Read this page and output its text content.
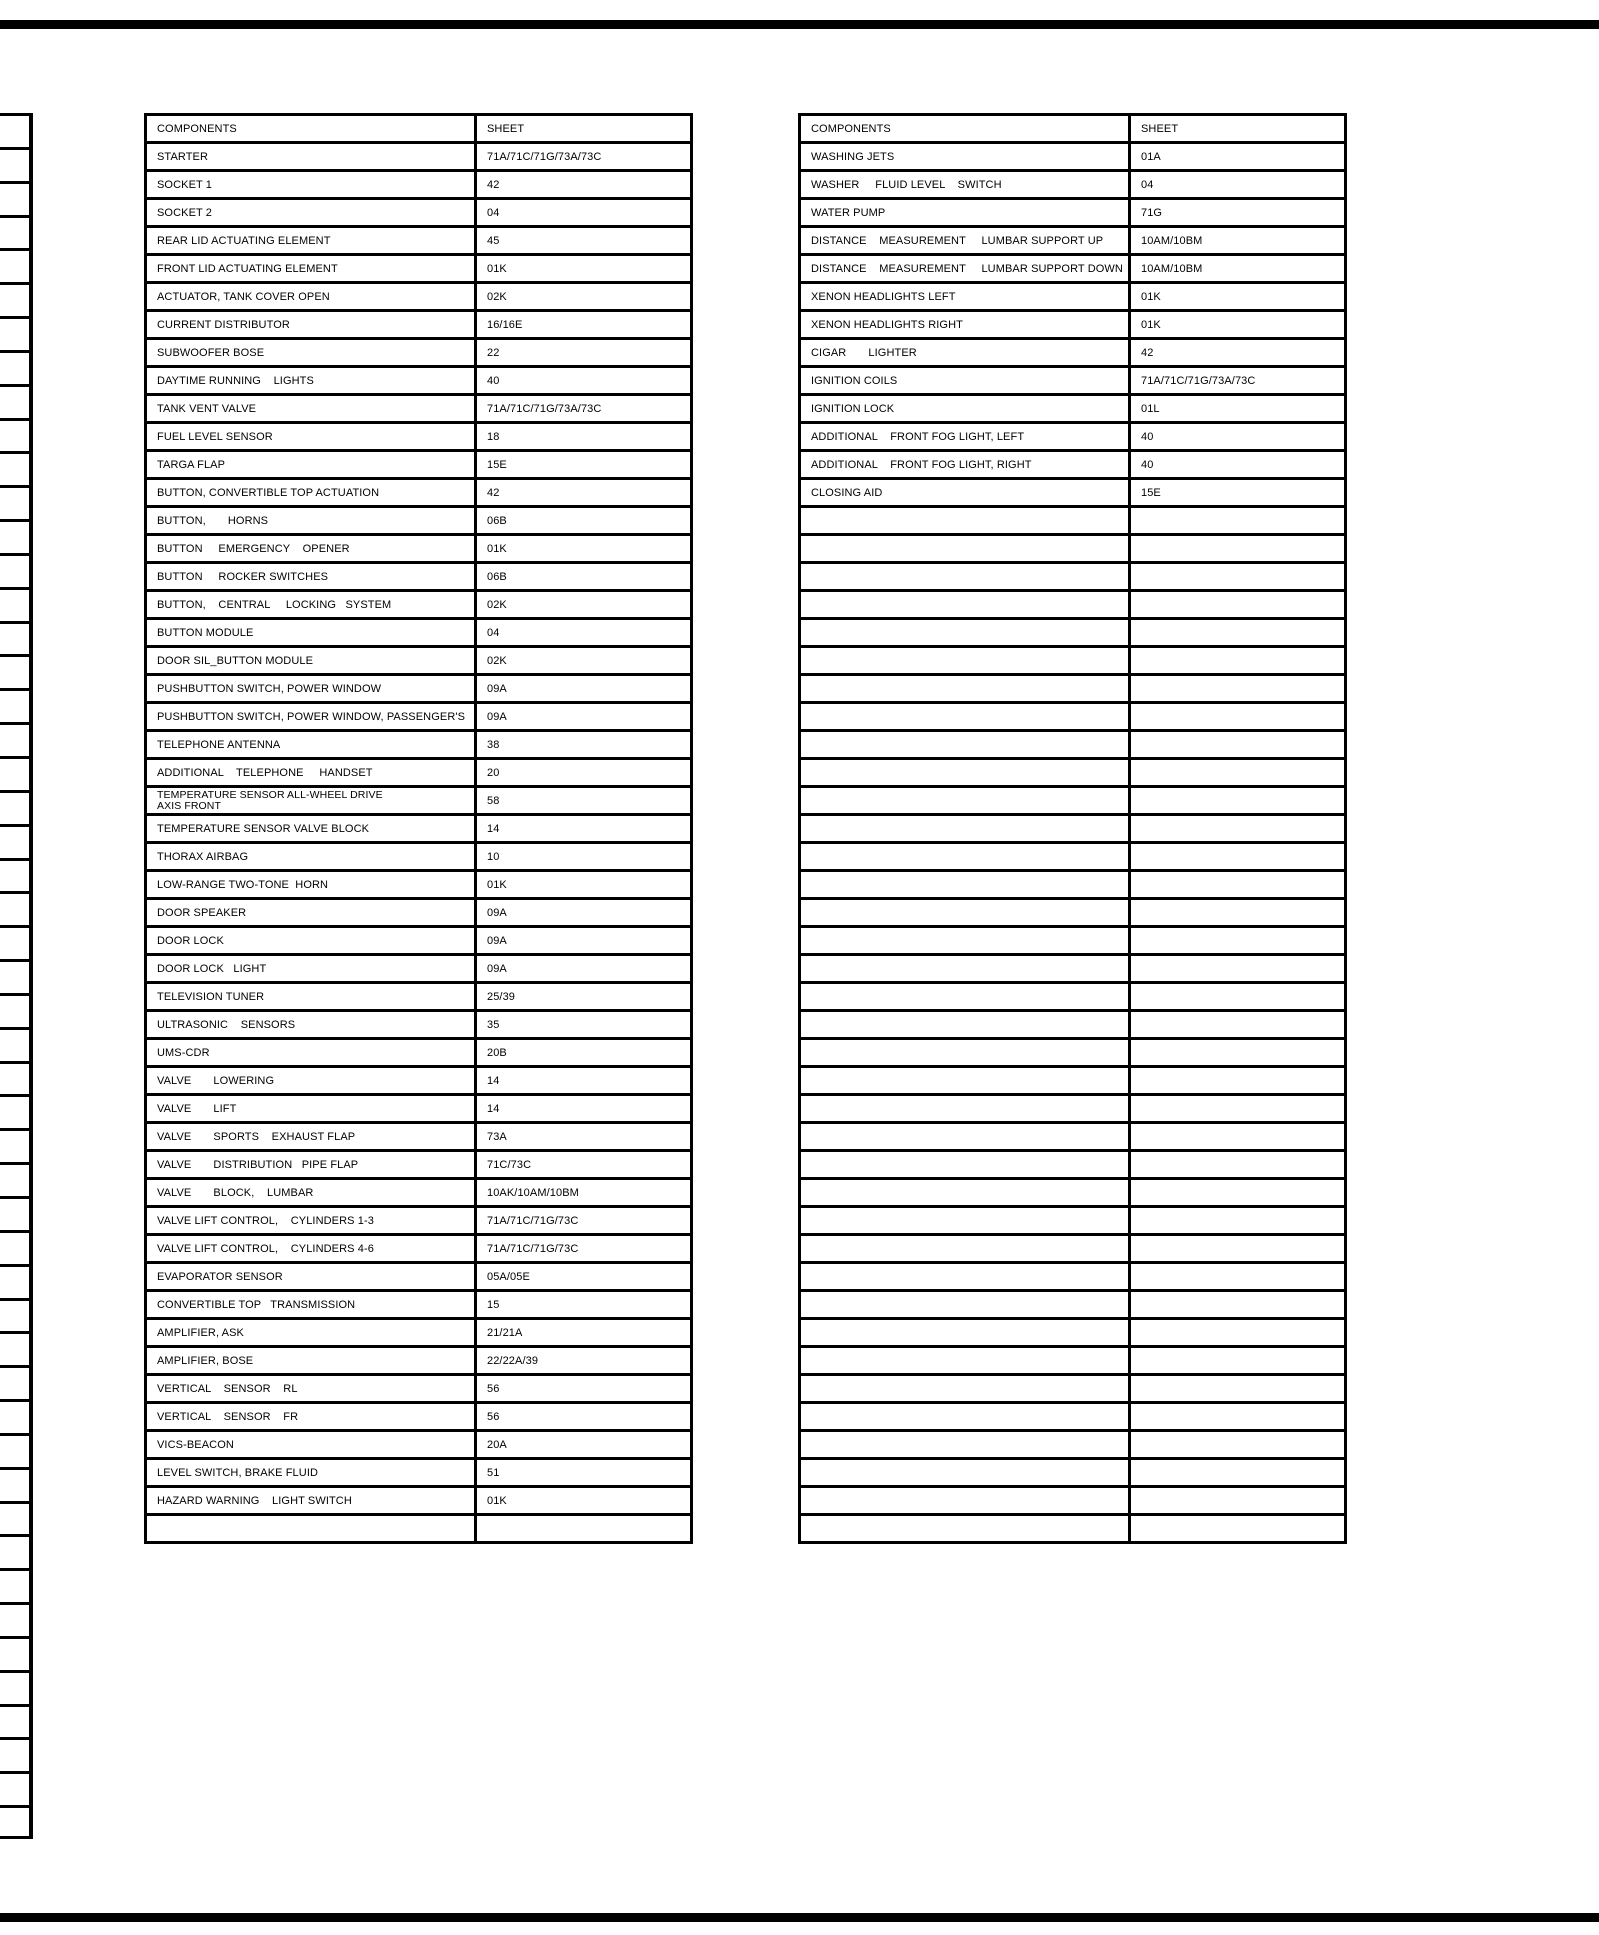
COMPONENTS	SHEET
STARTER	71A/71C/71G/73A/73C
SOCKET 1	42
SOCKET 2	04
REAR LID ACTUATING ELEMENT	45
FRONT LID ACTUATING ELEMENT	01K
ACTUATOR, TANK COVER OPEN	02K
CURRENT DISTRIBUTOR	16/16E
SUBWOOFER BOSE	22
DAYTIME RUNNING    LIGHTS	40
TANK VENT VALVE	71A/71C/71G/73A/73C
FUEL LEVEL SENSOR	18
TARGA FLAP	15E
BUTTON, CONVERTIBLE TOP ACTUATION	42
BUTTON,       HORNS	06B
BUTTON     EMERGENCY    OPENER	01K
BUTTON     ROCKER SWITCHES	06B
BUTTON,    CENTRAL     LOCKING   SYSTEM	02K
BUTTON MODULE	04
DOOR SIL_BUTTON MODULE	02K
PUSHBUTTON SWITCH, POWER WINDOW	09A
PUSHBUTTON SWITCH, POWER WINDOW, PASSENGER'S	09A
TELEPHONE ANTENNA	38
ADDITIONAL    TELEPHONE     HANDSET	20
TEMPERATURE SENSOR ALL-WHEEL DRIVE
AXIS FRONT	58
TEMPERATURE SENSOR VALVE BLOCK	14
THORAX AIRBAG	10
LOW-RANGE TWO-TONE  HORN	01K
DOOR SPEAKER	09A
DOOR LOCK	09A
DOOR LOCK   LIGHT	09A
TELEVISION TUNER	25/39
ULTRASONIC    SENSORS	35
UMS-CDR	20B
VALVE       LOWERING	14
VALVE       LIFT	14
VALVE       SPORTS    EXHAUST FLAP	73A
VALVE       DISTRIBUTION   PIPE FLAP	71C/73C
VALVE       BLOCK,    LUMBAR	10AK/10AM/10BM
VALVE LIFT CONTROL,    CYLINDERS 1-3	71A/71C/71G/73C
VALVE LIFT CONTROL,    CYLINDERS 4-6	71A/71C/71G/73C
EVAPORATOR SENSOR	05A/05E
CONVERTIBLE TOP   TRANSMISSION	15
AMPLIFIER, ASK	21/21A
AMPLIFIER, BOSE	22/22A/39
VERTICAL    SENSOR    RL	56
VERTICAL    SENSOR    FR	56
VICS-BEACON	20A
LEVEL SWITCH, BRAKE FLUID	51
HAZARD WARNING    LIGHT SWITCH	01K

COMPONENTS	SHEET
WASHING JETS	01A
WASHER     FLUID LEVEL    SWITCH	04
WATER PUMP	71G
DISTANCE    MEASUREMENT     LUMBAR SUPPORT UP	10AM/10BM
DISTANCE    MEASUREMENT     LUMBAR SUPPORT DOWN	10AM/10BM
XENON HEADLIGHTS LEFT	01K
XENON HEADLIGHTS RIGHT	01K
CIGAR       LIGHTER	42
IGNITION COILS	71A/71C/71G/73A/73C
IGNITION LOCK	01L
ADDITIONAL    FRONT FOG LIGHT, LEFT	40
ADDITIONAL    FRONT FOG LIGHT, RIGHT	40
CLOSING AID	15E
